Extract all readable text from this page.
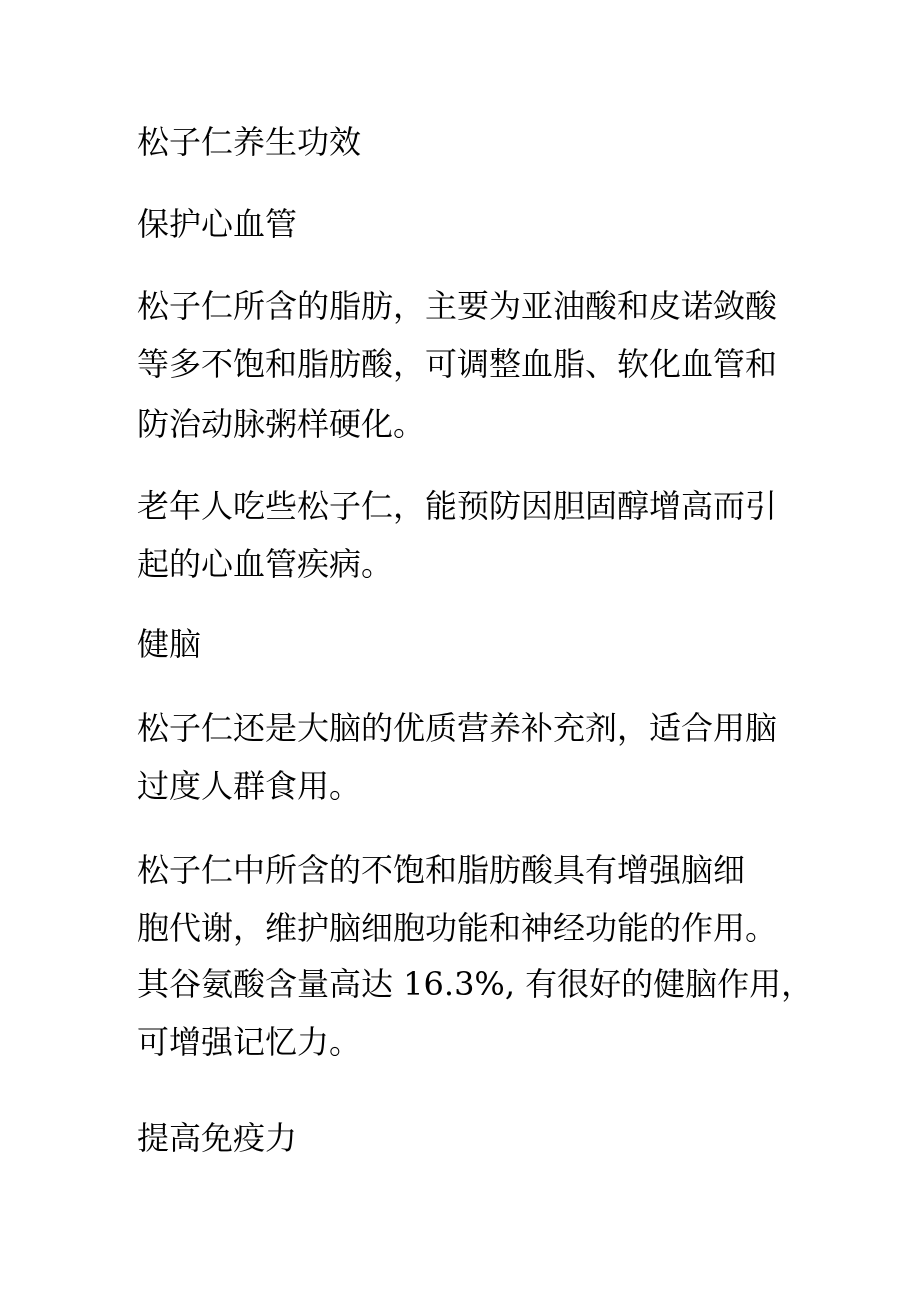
松子仁养生功效

保护心血管

松子仁所含的脂肪，主要为亚油酸和皮诺敛酸

等多不饱和脂肪酸，可调整血脂、软化血管和

防治动脉粥样硬化。

老年人吃些松子仁，能预防因胆固醇增高而引

起的心血管疾病。

健脑

松子仁还是大脑的优质营养补充剂，适合用脑

过度人群食用。

松子仁中所含的不饱和脂肪酸具有增强脑细

胞代谢，维护脑细胞功能和神经功能的作用。

其谷氨酸含量高达 16.3%, 有很好的健脑作用，

可增强记忆力。

提高免疫力
